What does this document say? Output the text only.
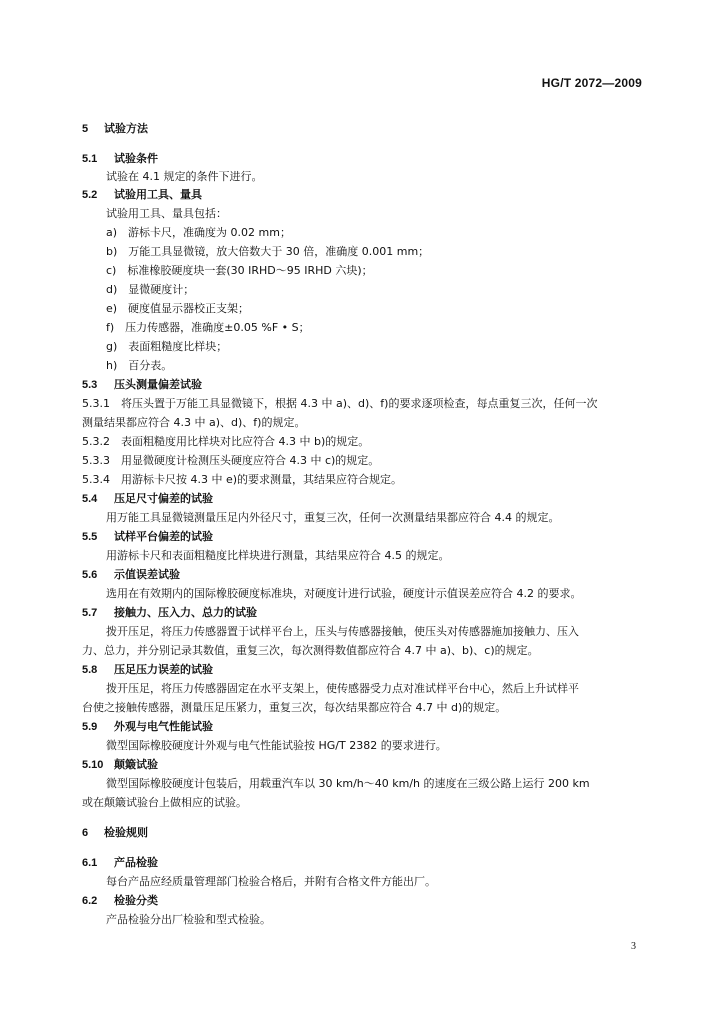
HG/T 2072—2009
5 试验方法
5.1 试验条件
试验在 4.1 规定的条件下进行。
5.2 试验用工具、量具
试验用工具、量具包括：
a)　游标卡尺，准确度为 0.02 mm；
b)　万能工具显微镜，放大倍数大于 30 倍，准确度 0.001 mm；
c)　标准橡胶硬度块一套(30 IRHD～95 IRHD 六块)；
d)　显微硬度计；
e)　硬度值显示器校正支架；
f)　压力传感器，准确度±0.05 %F • S；
g)　表面粗糙度比样块；
h)　百分表。
5.3 压头测量偏差试验
5.3.1　将压头置于万能工具显微镜下，根据 4.3 中 a)、d)、f)的要求逐项检查，每点重复三次，任何一次
测量结果都应符合 4.3 中 a)、d)、f)的规定。
5.3.2　表面粗糙度用比样块对比应符合 4.3 中 b)的规定。
5.3.3　用显微硬度计检测压头硬度应符合 4.3 中 c)的规定。
5.3.4　用游标卡尺按 4.3 中 e)的要求测量，其结果应符合规定。
5.4 压足尺寸偏差的试验
用万能工具显微镜测量压足内外径尺寸，重复三次，任何一次测量结果都应符合 4.4 的规定。
5.5 试样平台偏差的试验
用游标卡尺和表面粗糙度比样块进行测量，其结果应符合 4.5 的规定。
5.6 示值误差试验
选用在有效期内的国际橡胶硬度标准块，对硬度计进行试验，硬度计示值误差应符合 4.2 的要求。
5.7 接触力、压入力、总力的试验
拨开压足，将压力传感器置于试样平台上，压头与传感器接触，使压头对传感器施加接触力、压入
力、总力，并分别记录其数值，重复三次，每次测得数值都应符合 4.7 中 a)、b)、c)的规定。
5.8 压足压力误差的试验
拨开压足，将压力传感器固定在水平支架上，使传感器受力点对准试样平台中心，然后上升试样平
台使之接触传感器，测量压足压紧力，重复三次，每次结果都应符合 4.7 中 d)的规定。
5.9 外观与电气性能试验
微型国际橡胶硬度计外观与电气性能试验按 HG/T 2382 的要求进行。
5.10 颠簸试验
微型国际橡胶硬度计包装后，用载重汽车以 30 km/h～40 km/h 的速度在三级公路上运行 200 km
或在颠簸试验台上做相应的试验。
6 检验规则
6.1 产品检验
每台产品应经质量管理部门检验合格后，并附有合格文件方能出厂。
6.2 检验分类
产品检验分出厂检验和型式检验。
3
